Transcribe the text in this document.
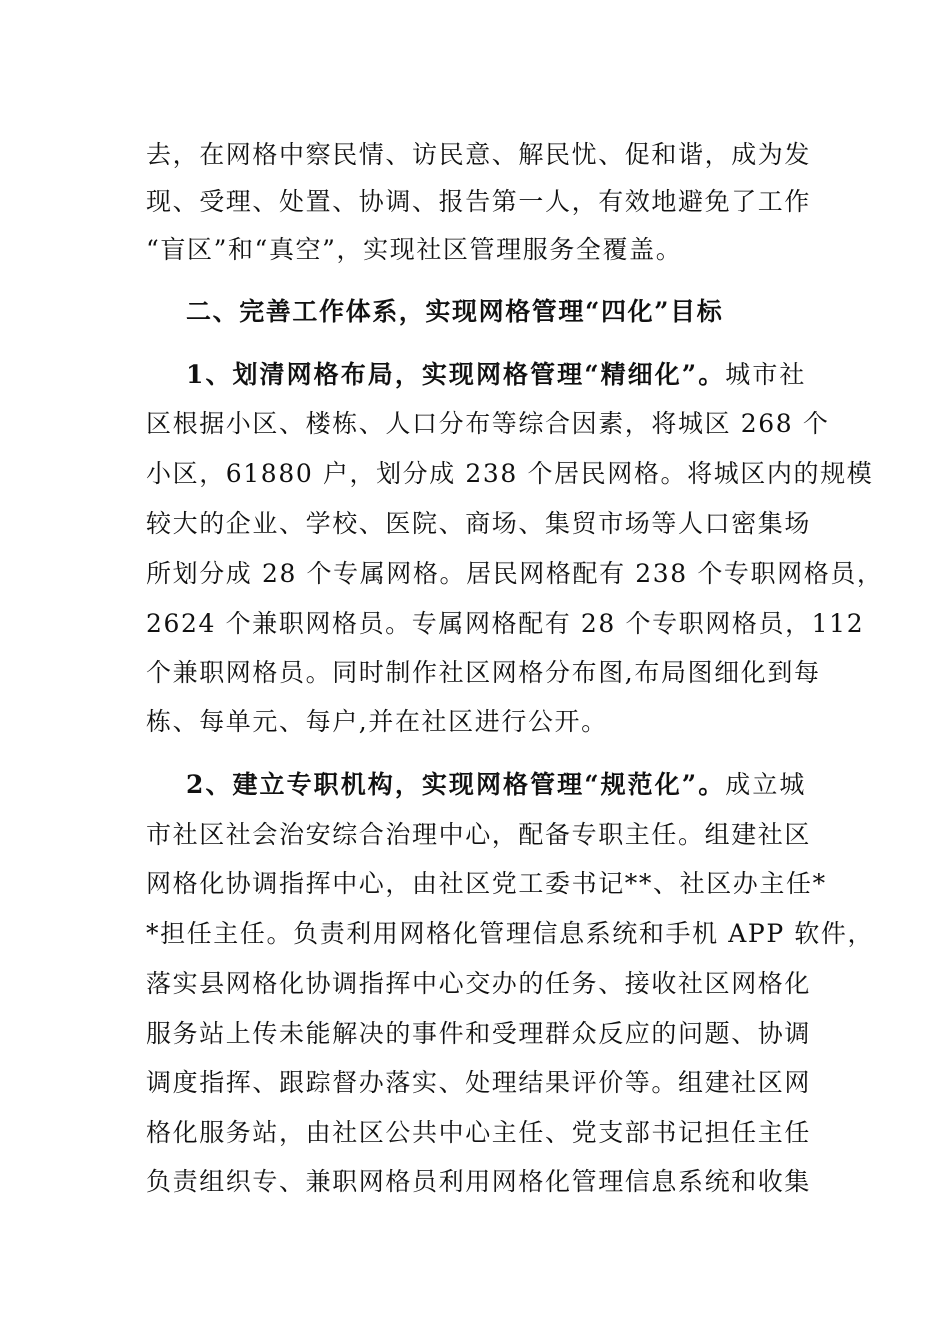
去，在网格中察民情、访民意、解民忧、促和谐，成为发
现、受理、处置、协调、报告第一人，有效地避免了工作
“盲区”和“真空”，实现社区管理服务全覆盖。
二、完善工作体系，实现网格管理“四化”目标
1、划清网格布局，实现网格管理“精细化”。城市社
区根据小区、楼栋、人口分布等综合因素，将城区 268 个
小区，61880 户，划分成 238 个居民网格。将城区内的规模
较大的企业、学校、医院、商场、集贸市场等人口密集场
所划分成 28 个专属网格。居民网格配有 238 个专职网格员，
2624 个兼职网格员。专属网格配有 28 个专职网格员，112
个兼职网格员。同时制作社区网格分布图,布局图细化到每
栋、每单元、每户,并在社区进行公开。
2、建立专职机构，实现网格管理“规范化”。成立城
市社区社会治安综合治理中心，配备专职主任。组建社区
网格化协调指挥中心，由社区党工委书记**、社区办主任*
*担任主任。负责利用网格化管理信息系统和手机 APP 软件，
落实县网格化协调指挥中心交办的任务、接收社区网格化
服务站上传未能解决的事件和受理群众反应的问题、协调
调度指挥、跟踪督办落实、处理结果评价等。组建社区网
格化服务站，由社区公共中心主任、党支部书记担任主任
负责组织专、兼职网格员利用网格化管理信息系统和收集
